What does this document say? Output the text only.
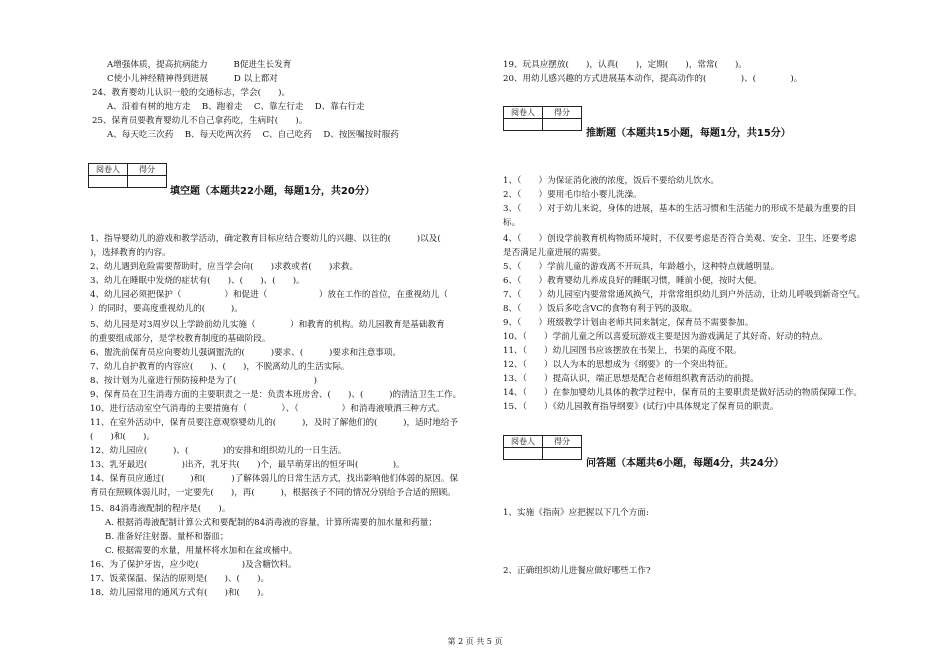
A增强体质，提高抗病能力　　　B促进生长发育
C使小儿神经精神得到进展　　　D 以上都对
24、教育婴幼儿认识一般的交通标志，学会(　　)。
A、沿着有树的地方走　 B、跑着走　 C、靠左行走　 D、靠右行走
25、保育员要教育婴幼儿不自己拿药吃，生病时(　　)。
A、每天吃三次药　 B、每天吃两次药　 C、自己吃药　 D、按医嘱按时服药
阅卷人	得分

填空题（本题共22小题，每题1分，共20分）
1、指导婴幼儿的游戏和教学活动，确定教育目标应结合婴幼儿的兴趣、以往的(　　　)以及(　　
)，选择教育的内容。
2、幼儿遇到危险需要帮助时，应当学会向(　　)求救或者(　　)求救。
3、幼儿在睡眠中发烧的症状有(　　)、(　　)、(　　)。
4、幼儿园必须把保护（　　　　　）和促进（　　　　　　）放在工作的首位，在重视幼儿（　　
）的同时，要高度重视幼儿的(　　　)。
5、幼儿园是对3周岁以上学龄前幼儿实施（　　　　）和教育的机构。幼儿园教育是基础教育
的重要组成部分，是学校教育制度的基础阶段。
6、盥洗前保育员应向婴幼儿强调盥洗的(　　　)要求、(　　　)要求和注意事项。
7、幼儿自护教育的内容应(　　)、(　　)，不脱离幼儿的生活实际。
8、按计划为儿童进行预防接种是为了(　　　　　　　　　)
9、保育员在卫生消毒方面的主要职责之一是：负责本班房舍、(　　)、(　　　)的清洁卫生工作。
10、进行活动室空气消毒的主要措施有（　　　　）、（　　　　　）和消毒液喷洒三种方式。
11、在室外活动中，保育员要注意观察婴幼儿的(　　　)，及时了解他们的(　　　)，适时地给予
(　　)和(　　)。
12、幼儿园应(　　　)、(　　　　)的安排和组织幼儿的一日生活。
13、乳牙最迟(　　　　)出齐，乳牙共(　　)个，最早萌芽出的恒牙叫(　　　　)。
14、保育员应通过(　　　)和(　　　)了解体弱儿的日常生活方式，找出影响他们体弱的原因。保
育员在照顾体弱儿时，一定要先(　　)，再(　　　)，根据孩子不同的情况分别给予合适的照顾。
15、84消毒液配制的程序是(　　)。
A. 根据消毒液配制计算公式和要配制的84消毒液的容量，计算所需要的加水量和药量；
B. 准备好注射器、量杯和器皿；
C. 根据需要的水量，用量杯将水加和在盆或桶中。
16、为了保护牙齿，应少吃(　　　　　)及含糖饮料。
17、饭菜保温、保洁的原则是(　　)、(　　)。
18、幼儿园常用的通风方式有(　　)和(　　)。
19、玩具应摆放(　　)，认真(　　)，定期(　　)，常常(　　)。
20、用幼儿感兴趣的方式进展基本动作，提高动作的(　　　　)、(　　　　)。
阅卷人	得分

推断题（本题共15小题，每题1分，共15分）
1、（　　）为保证消化液的浓度，饭后不要给幼儿饮水。
2、（　　）要用毛巾给小婴儿洗澡。
3、（　　）对于幼儿来说，身体的进展，基本的生活习惯和生活能力的形成不是最为重要的目
标。
4、（　　）创设学前教育机构物质环境时，不仅要考虑是否符合美观、安全、卫生、还要考虑
是否满足儿童进展的需要。
5、（　　）学前儿童的游戏离不开玩具，年龄越小，这种特点就越明显。
6、（　　）教育婴幼儿养成良好的睡眠习惯，睡前小便，按时大便。
7、（　　）幼儿园室内要常常通风换气，并常常组织幼儿到户外活动，让幼儿呼吸到新奇空气。
8、（　　）饭后多吃含VC的食物有利于钙的汲取。
9、（　　）班级教学计划由老师共同来制定，保育员不需要参加。
10、（　　）学前儿童之所以喜爱玩游戏主要是因为游戏满足了其好奇、好动的特点。
11、（　　）幼儿园图书应该摆放在书架上，书架的高度不限。
12、（　　）以人为本的思想成为《纲要》的一个突出特征。
13、（　　）提高认识，端正思想是配合老师组织教育活动的前提。
14、（　　）在参加婴幼儿具体的教学过程中，保育员的主要职责是做好活动的物质保障工作。
15、（　　）《幼儿园教育指导纲要》(试行)中具体规定了保育员的职责。
阅卷人	得分

问答题（本题共6小题，每题4分，共24分）
1、实施《指南》应把握以下几个方面:
2、正确组织幼儿进餐应做好哪些工作?
第 2 页 共 5 页
